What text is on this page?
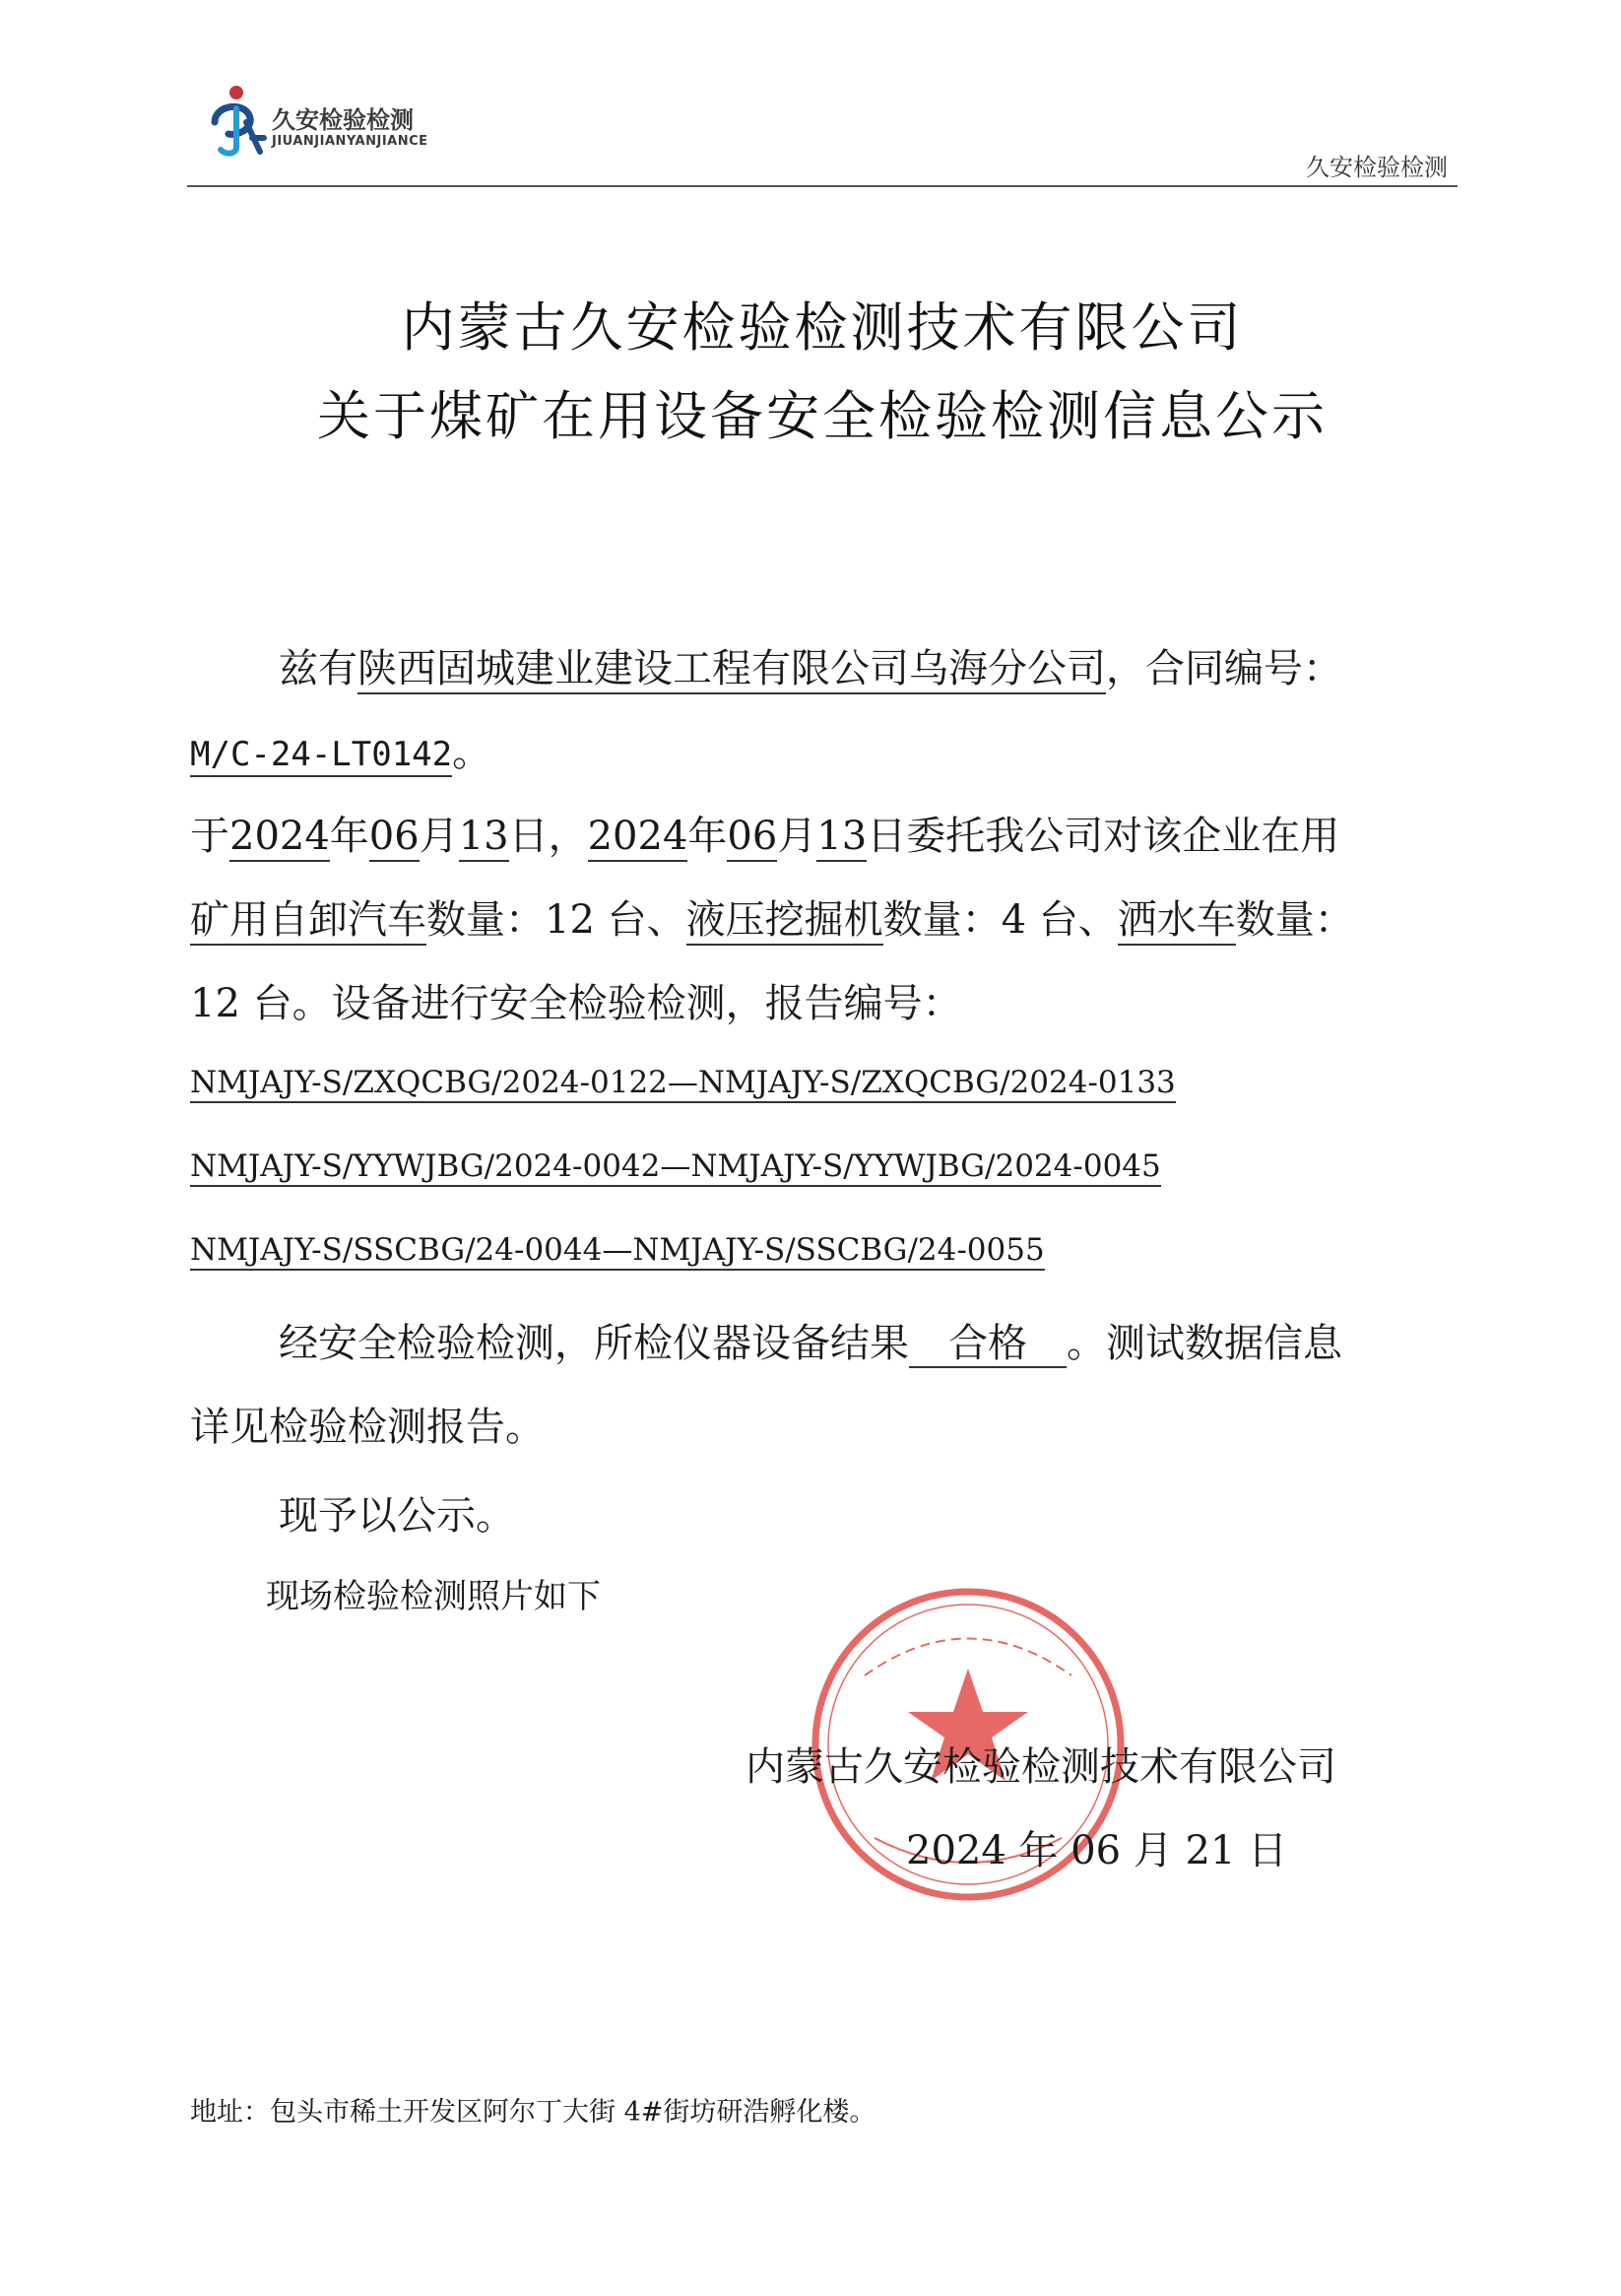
久安检验检测
JIUANJIANYANJIANCE
久安检验检测
内蒙古久安检验检测技术有限公司
关于煤矿在用设备安全检验检测信息公示
兹有陕西固城建业建设工程有限公司乌海分公司，合同编号：
M/C-24-LT0142。
于2024年06月13日，2024年06月13日委托我公司对该企业在用
矿用自卸汽车数量：12 台、液压挖掘机数量：4 台、洒水车数量：
12 台。设备进行安全检验检测，报告编号：
NMJAJY-S/ZXQCBG/2024-0122—NMJAJY-S/ZXQCBG/2024-0133
NMJAJY-S/YYWJBG/2024-0042—NMJAJY-S/YYWJBG/2024-0045
NMJAJY-S/SSCBG/24-0044—NMJAJY-S/SSCBG/24-0055
经安全检验检测，所检仪器设备结果 合格 。测试数据信息
详见检验检测报告。
现予以公示。
现场检验检测照片如下
内蒙古久安检验检测技术有限公司
2024 年 06 月 21 日
地址：包头市稀土开发区阿尔丁大街 4#街坊研浩孵化楼。
